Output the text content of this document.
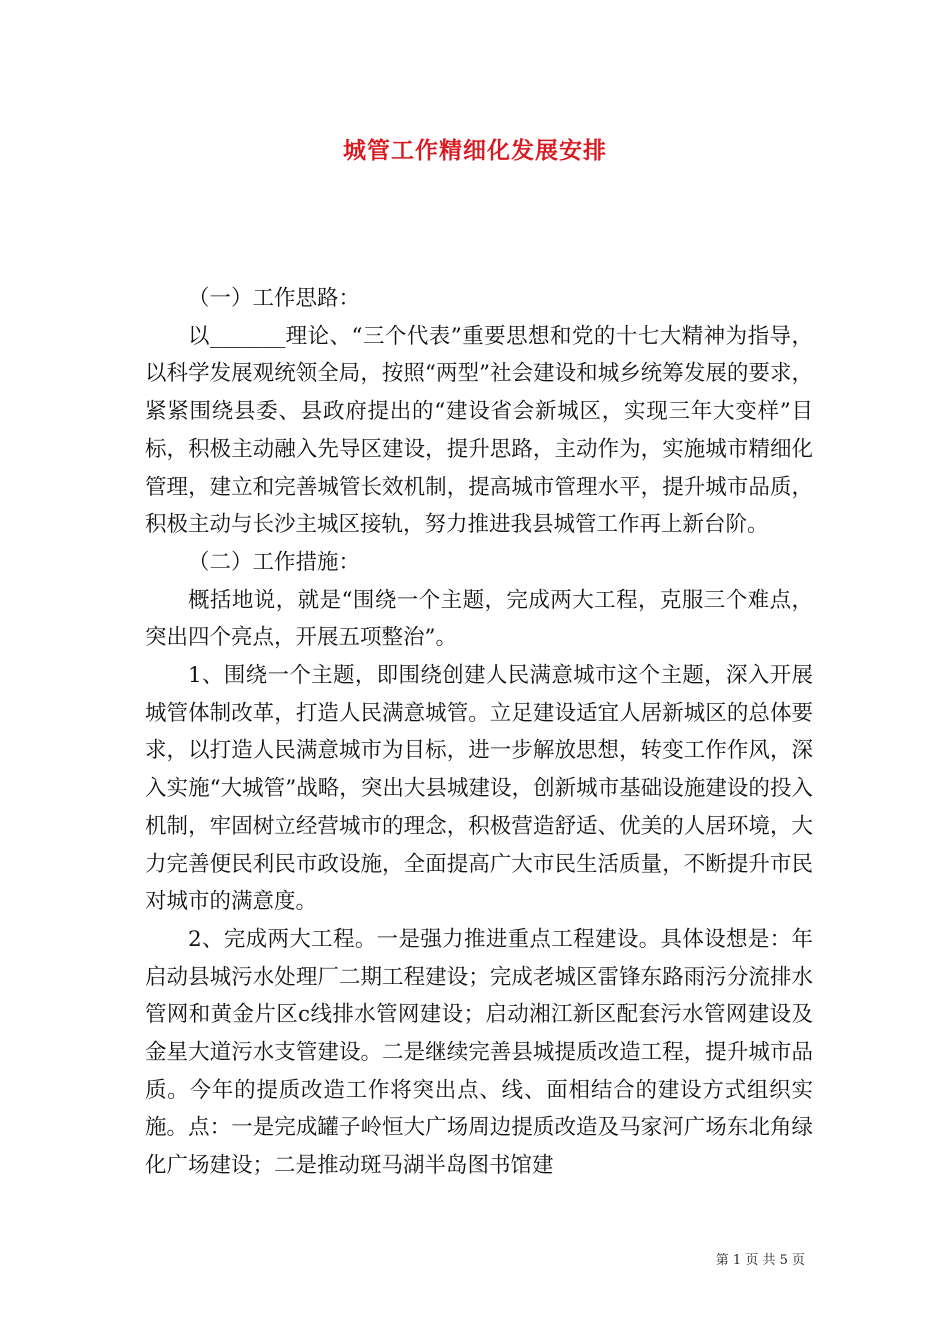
城管工作精细化发展安排

（一）工作思路：

以_______理论、“三个代表”重要思想和党的十七大精神为指导，以科学发展观统领全局，按照“两型”社会建设和城乡统筹发展的要求，紧紧围绕县委、县政府提出的“建设省会新城区，实现三年大变样”目标，积极主动融入先导区建设，提升思路，主动作为，实施城市精细化管理，建立和完善城管长效机制，提高城市管理水平，提升城市品质，积极主动与长沙主城区接轨，努力推进我县城管工作再上新台阶。

（二）工作措施：

概括地说，就是“围绕一个主题，完成两大工程，克服三个难点，突出四个亮点，开展五项整治”。

1、围绕一个主题，即围绕创建人民满意城市这个主题，深入开展城管体制改革，打造人民满意城管。立足建设适宜人居新城区的总体要求，以打造人民满意城市为目标，进一步解放思想，转变工作作风，深入实施“大城管”战略，突出大县城建设，创新城市基础设施建设的投入机制，牢固树立经营城市的理念，积极营造舒适、优美的人居环境，大力完善便民利民市政设施，全面提高广大市民生活质量，不断提升市民对城市的满意度。

2、完成两大工程。一是强力推进重点工程建设。具体设想是：年启动县城污水处理厂二期工程建设；完成老城区雷锋东路雨污分流排水管网和黄金片区c线排水管网建设；启动湘江新区配套污水管网建设及金星大道污水支管建设。二是继续完善县城提质改造工程，提升城市品质。今年的提质改造工作将突出点、线、面相结合的建设方式组织实施。点：一是完成罐子岭恒大广场周边提质改造及马家河广场东北角绿化广场建设；二是推动斑马湖半岛图书馆建

第 1 页 共 5 页
